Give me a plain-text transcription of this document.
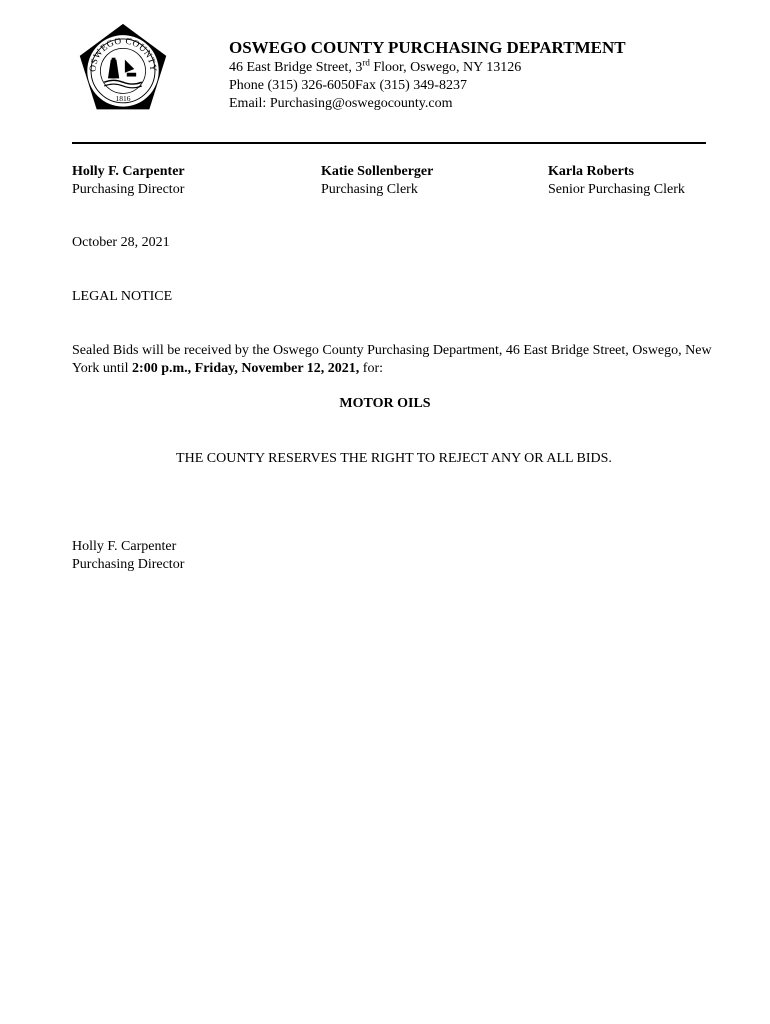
OSWEGO COUNTY
1816
OSWEGO COUNTY PURCHASING DEPARTMENT
46 East Bridge Street, 3rd Floor, Oswego, NY 13126
Phone (315) 326-6050Fax (315) 349-8237
Email: Purchasing@oswegocounty.com
Holly F. Carpenter
Purchasing Director
Katie Sollenberger
Purchasing Clerk
Karla Roberts
Senior Purchasing Clerk
October 28, 2021
LEGAL NOTICE
Sealed Bids will be received by the Oswego County Purchasing Department, 46 East Bridge Street, Oswego, New York until 2:00 p.m., Friday, November 12, 2021, for:
MOTOR OILS
THE COUNTY RESERVES THE RIGHT TO REJECT ANY OR ALL BIDS.
Holly F. Carpenter
Purchasing Director
